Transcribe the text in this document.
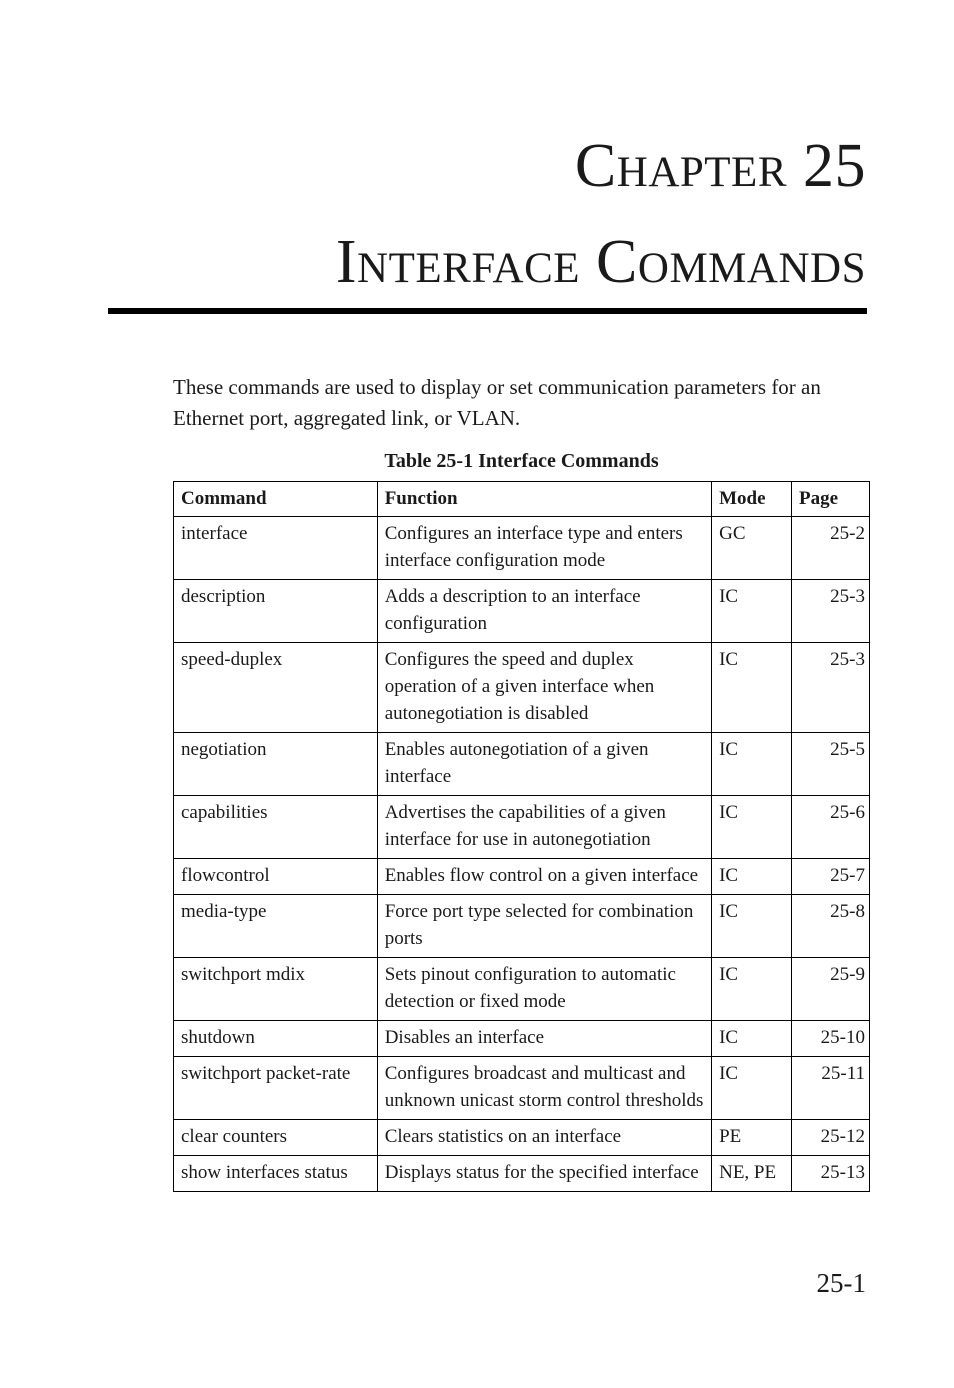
Chapter 25
Interface Commands

These commands are used to display or set communication parameters for an Ethernet port, aggregated link, or VLAN.

Table 25-1 Interface Commands
Command	Function	Mode	Page
interface	Configures an interface type and enters interface configuration mode	GC	25-2
description	Adds a description to an interface configuration	IC	25-3
speed-duplex	Configures the speed and duplex operation of a given interface when autonegotiation is disabled	IC	25-3
negotiation	Enables autonegotiation of a given interface	IC	25-5
capabilities	Advertises the capabilities of a given interface for use in autonegotiation	IC	25-6
flowcontrol	Enables flow control on a given interface	IC	25-7
media-type	Force port type selected for combination ports	IC	25-8
switchport mdix	Sets pinout configuration to automatic detection or fixed mode	IC	25-9
shutdown	Disables an interface	IC	25-10
switchport packet-rate	Configures broadcast and multicast and unknown unicast storm control thresholds	IC	25-11
clear counters	Clears statistics on an interface	PE	25-12
show interfaces status	Displays status for the specified interface	NE, PE	25-13
25-1
